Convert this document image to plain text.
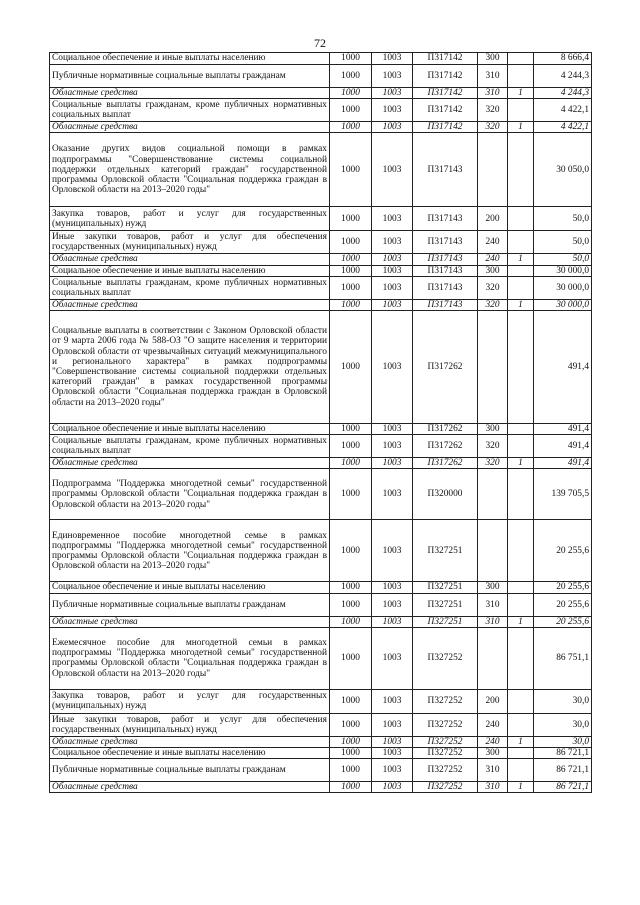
72
Социальное обеспечение и иные выплаты населению	1000	1003	П317142	300		8 666,4
Публичные нормативные социальные выплаты гражданам	1000	1003	П317142	310		4 244,3
Областные средства	1000	1003	П317142	310	1	4 244,3
Социальные выплаты гражданам, кроме публичных нормативных социальных выплат	1000	1003	П317142	320		4 422,1
Областные средства	1000	1003	П317142	320	1	4 422,1
Оказание других видов социальной помощи в рамках подпрограммы "Совершенствование системы социальной поддержки отдельных категорий граждан" государственной программы Орловской области "Социальная поддержка граждан в Орловской области на 2013–2020 годы"	1000	1003	П317143			30 050,0
Закупка товаров, работ и услуг для государственных (муниципальных) нужд	1000	1003	П317143	200		50,0
Иные закупки товаров, работ и услуг для обеспечения государственных (муниципальных) нужд	1000	1003	П317143	240		50,0
Областные средства	1000	1003	П317143	240	1	50,0
Социальное обеспечение и иные выплаты населению	1000	1003	П317143	300		30 000,0
Социальные выплаты гражданам, кроме публичных нормативных социальных выплат	1000	1003	П317143	320		30 000,0
Областные средства	1000	1003	П317143	320	1	30 000,0
Социальные выплаты в соответствии с Законом Орловской области от 9 марта 2006 года № 588-ОЗ "О защите населения и территории Орловской области от чрезвычайных ситуаций межмуниципального и регионального характера" в рамках подпрограммы "Совершенствование системы социальной поддержки отдельных категорий граждан" в рамках государственной программы Орловской области "Социальная поддержка граждан в Орловской области на 2013–2020 годы"	1000	1003	П317262			491,4
Социальное обеспечение и иные выплаты населению	1000	1003	П317262	300		491,4
Социальные выплаты гражданам, кроме публичных нормативных социальных выплат	1000	1003	П317262	320		491,4
Областные средства	1000	1003	П317262	320	1	491,4
Подпрограмма "Поддержка многодетной семьи" государственной программы Орловской области "Социальная поддержка граждан в Орловской области на 2013–2020 годы"	1000	1003	П320000			139 705,5
Единовременное пособие многодетной семье в рамках подпрограммы "Поддержка многодетной семьи" государственной программы Орловской области "Социальная поддержка граждан в Орловской области на 2013–2020 годы"	1000	1003	П327251			20 255,6
Социальное обеспечение и иные выплаты населению	1000	1003	П327251	300		20 255,6
Публичные нормативные социальные выплаты гражданам	1000	1003	П327251	310		20 255,6
Областные средства	1000	1003	П327251	310	1	20 255,6
Ежемесячное пособие для многодетной семьи в рамках подпрограммы "Поддержка многодетной семьи" государственной программы Орловской области "Социальная поддержка граждан в Орловской области на 2013–2020 годы"	1000	1003	П327252			86 751,1
Закупка товаров, работ и услуг для государственных (муниципальных) нужд	1000	1003	П327252	200		30,0
Иные закупки товаров, работ и услуг для обеспечения государственных (муниципальных) нужд	1000	1003	П327252	240		30,0
Областные средства	1000	1003	П327252	240	1	30,0
Социальное обеспечение и иные выплаты населению	1000	1003	П327252	300		86 721,1
Публичные нормативные социальные выплаты гражданам	1000	1003	П327252	310		86 721,1
Областные средства	1000	1003	П327252	310	1	86 721,1
